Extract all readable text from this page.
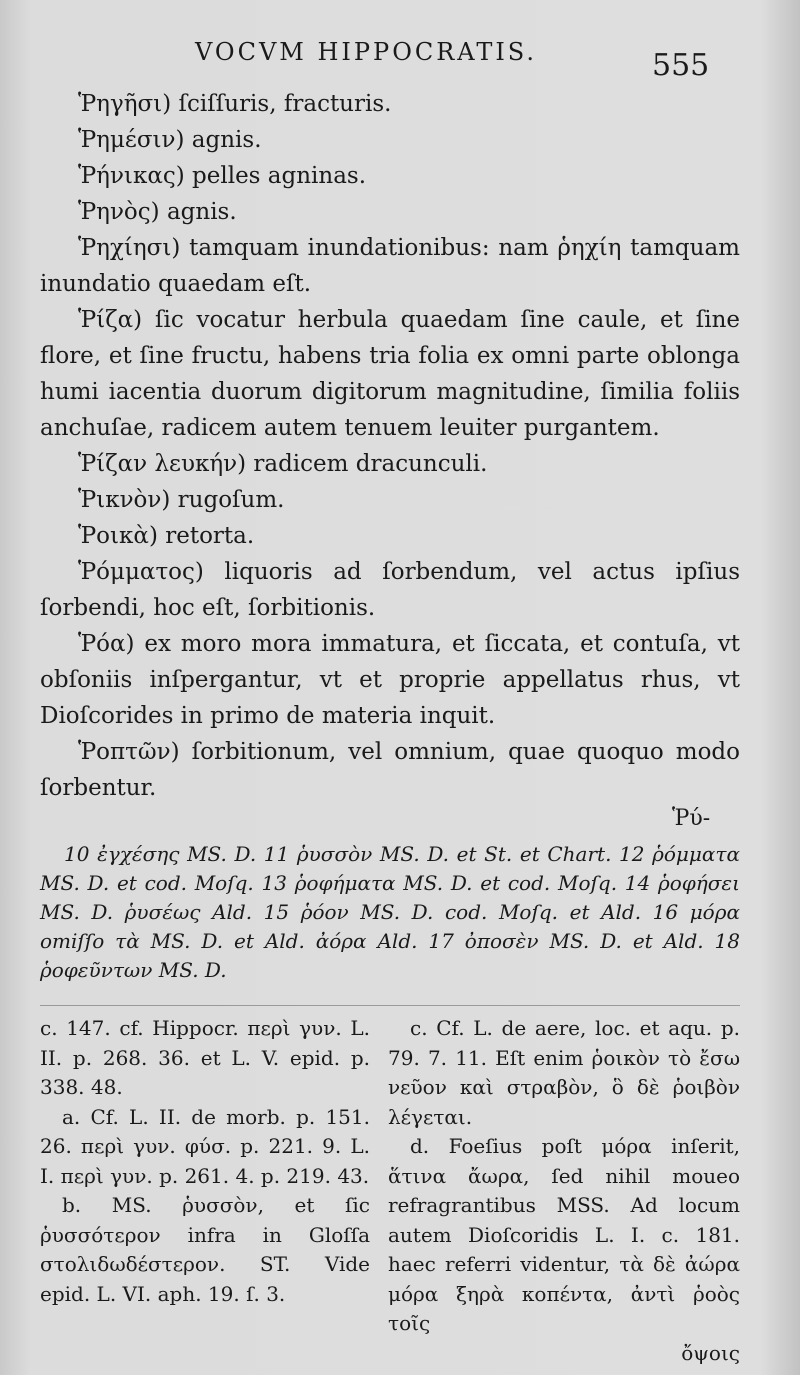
VOCVM HIPPOCRATIS.	555

Ῥηγῆσι) ſciſſuris, fracturis.

Ῥημέσιν) agnis.

Ῥήνικας) pelles agninas.

Ῥηνὸς) agnis.

Ῥηχίησι) tamquam inundationibus: nam ῥηχίη tamquam inundatio quaedam eſt.

Ῥίζα) ſic vocatur herbula quaedam ſine caule, et ſine flore, et ſine fructu, habens tria folia ex omni parte oblonga humi iacentia duorum digitorum magnitudine, ſimilia foliis anchuſae, radicem autem tenuem leuiter purgantem.

Ῥίζαν λευκήν) radicem dracunculi.

Ῥικνὸν) rugoſum.

Ῥοικὰ) retorta.

Ῥόμματος) liquoris ad ſorbendum, vel actus ipſius ſorbendi, hoc eſt, ſorbitionis.

Ῥόα) ex moro mora immatura, et ſiccata, et contuſa, vt obſoniis inſpergantur, vt et proprie appellatus rhus, vt Dioſcorides in primo de materia inquit.

Ῥοπτῶν) ſorbitionum, vel omnium, quae quoquo modo ſorbentur.

Ῥύ-

10 ἐγχέσης MS. D. 11 ῥυσσὸν MS. D. et St. et Chart. 12 ῥόμματα MS. D. et cod. Moſq. 13 ῥοφήματα MS. D. et cod. Moſq. 14 ῥοφήσει MS. D. ῥυσέως Ald. 15 ῥόον MS. D. cod. Moſq. et Ald. 16 μόρα omiſſo τὰ MS. D. et Ald. ἀόρα Ald. 17 ὀποσὲν MS. D. et Ald. 18 ῥοφεῦντων MS. D.

c. 147. cf. Hippocr. περὶ γυν. L. II. p. 268. 36. et L. V. epid. p. 338. 48.

a. Cf. L. II. de morb. p. 151. 26. περὶ γυν. φύσ. p. 221. 9. L. I. περὶ γυν. p. 261. 4. p. 219. 43.

b. MS. ῥυσσὸν, et ſic ῥυσσότερον infra in Gloſſa στολιδωδέστερον. ST. Vide epid. L. VI. aph. 19. ſ. 3.

c. Cf. L. de aere, loc. et aqu. p. 79. 7. 11. Eſt enim ῥοικὸν τὸ ἔσω νεῦον καὶ στραβὸν, ὃ δὲ ῥοιβὸν λέγεται.

d. Foeſius poſt μόρα inſerit, ἅτινα ἄωρα, ſed nihil moueo refragrantibus MSS. Ad locum autem Dioſcoridis L. I. c. 181. haec referri videntur, τὰ δὲ ἀώρα μόρα ξηρὰ κοπέντα, ἀντὶ ῥοὸς τοῖς

ὄψοις
